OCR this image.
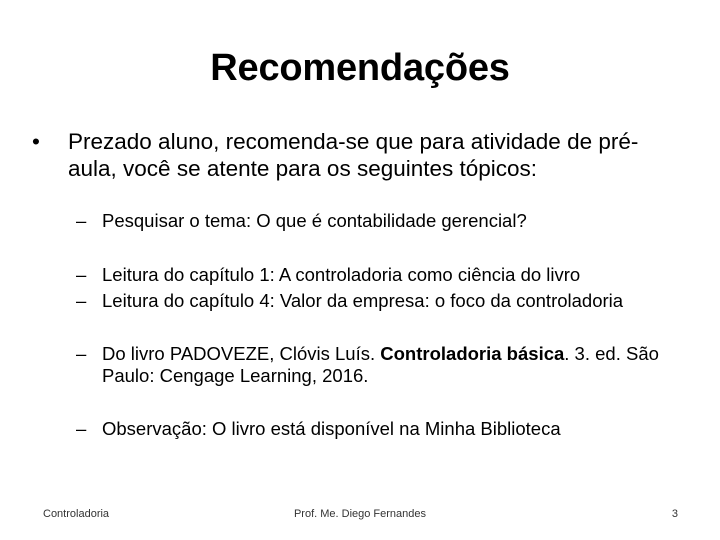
Recomendações
•	Prezado aluno, recomenda-se que para atividade de pré-aula, você se atente para os seguintes tópicos:
– Pesquisar o tema: O que é contabilidade gerencial?
– Leitura do capítulo 1: A controladoria como ciência do livro
– Leitura do capítulo 4: Valor da empresa: o foco da controladoria
– Do livro PADOVEZE, Clóvis Luís. Controladoria básica. 3. ed. São Paulo: Cengage Learning, 2016.
– Observação: O livro está disponível na Minha Biblioteca
Prof. Me. Diego Fernandes
Controladoria	3
